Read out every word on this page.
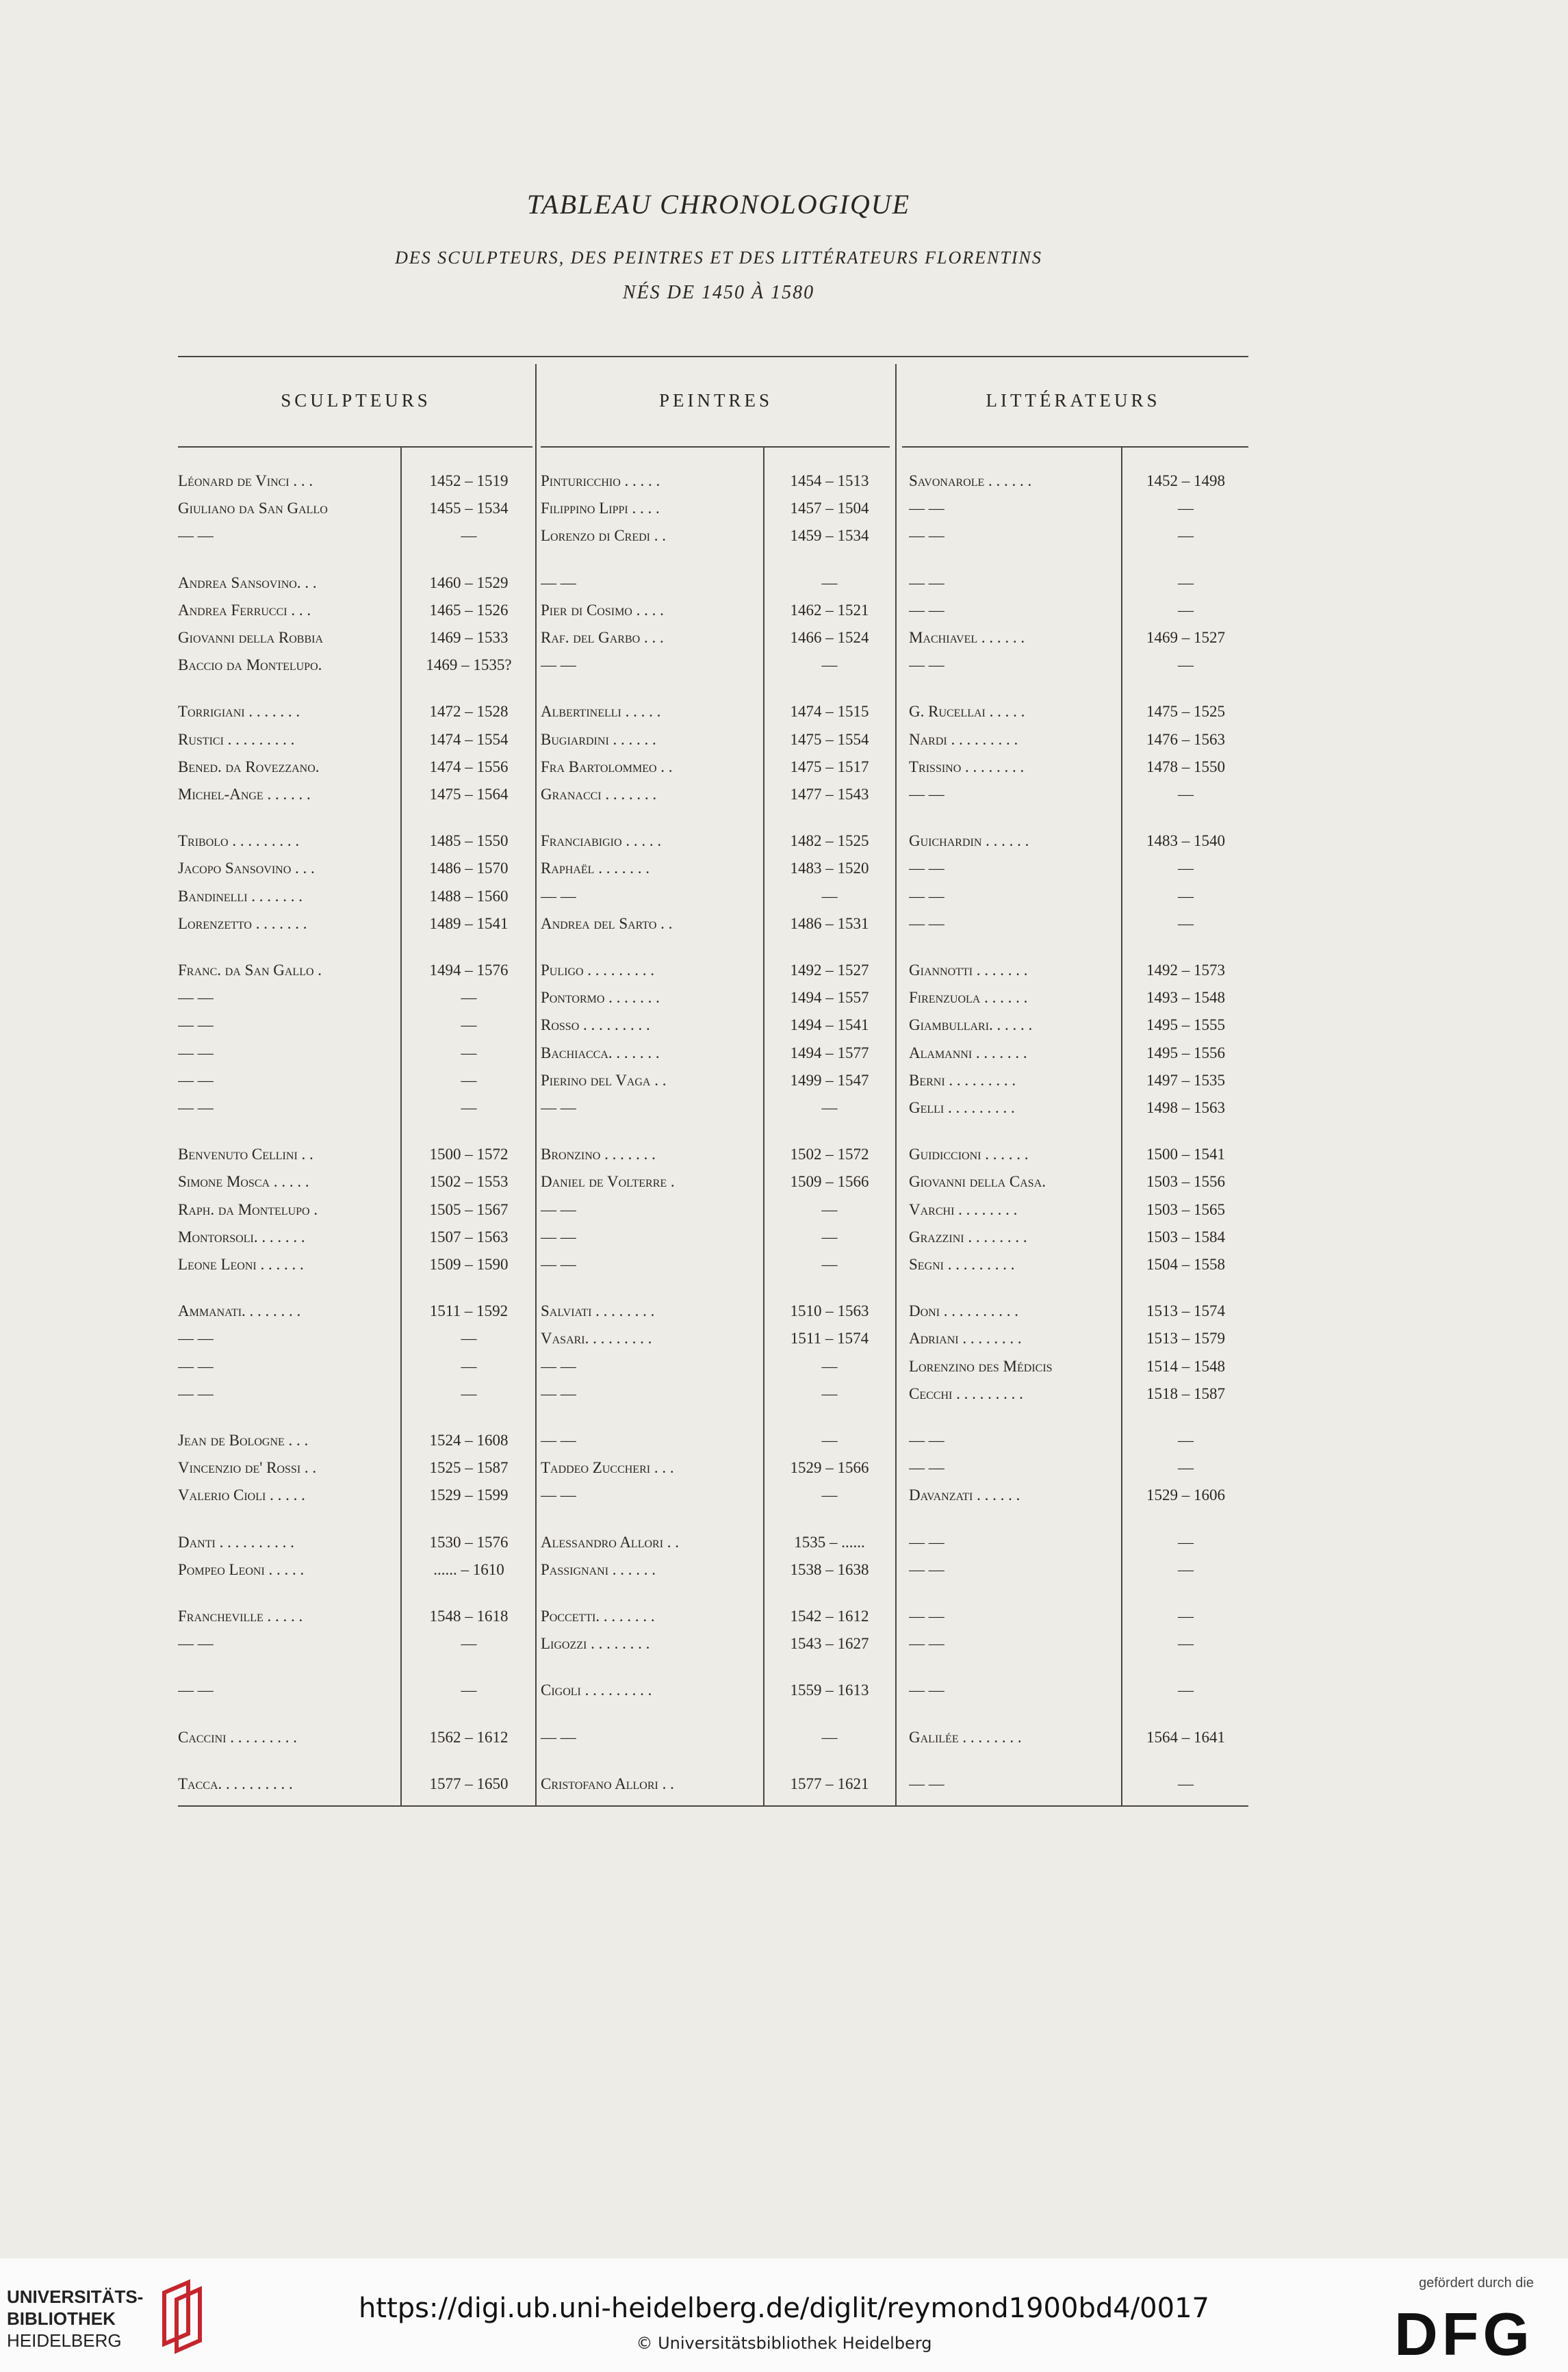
TABLEAU CHRONOLOGIQUE
DES SCULPTEURS, DES PEINTRES ET DES LITTÉRATEURS FLORENTINS
NÉS DE 1450 À 1580
SCULPTEURS	PEINTRES	LITTÉRATEURS
Léonard de Vinci . . .	1452 – 1519	Pinturicchio . . . . .	1454 – 1513	Savonarole . . . . . .	1452 – 1498
Giuliano da San Gallo	1455 – 1534	Filippino Lippi . . . .	1457 – 1504	— —	—
— —	—	Lorenzo di Credi . .	1459 – 1534	— —	—
Andrea Sansovino. . .	1460 – 1529	— —	—	— —	—
Andrea Ferrucci . . .	1465 – 1526	Pier di Cosimo . . . .	1462 – 1521	— —	—
Giovanni della Robbia	1469 – 1533	Raf. del Garbo . . .	1466 – 1524	Machiavel . . . . . .	1469 – 1527
Baccio da Montelupo.	1469 – 1535?	— —	—	— —	—
Torrigiani . . . . . . .	1472 – 1528	Albertinelli . . . . .	1474 – 1515	G. Rucellai . . . . .	1475 – 1525
Rustici . . . . . . . . .	1474 – 1554	Bugiardini . . . . . .	1475 – 1554	Nardi . . . . . . . . .	1476 – 1563
Bened. da Rovezzano.	1474 – 1556	Fra Bartolommeo . .	1475 – 1517	Trissino . . . . . . . .	1478 – 1550
Michel-Ange . . . . . .	1475 – 1564	Granacci . . . . . . .	1477 – 1543	— —	—
Tribolo . . . . . . . . .	1485 – 1550	Franciabigio . . . . .	1482 – 1525	Guichardin . . . . . .	1483 – 1540
Jacopo Sansovino . . .	1486 – 1570	Raphaël . . . . . . .	1483 – 1520	— —	—
Bandinelli . . . . . . .	1488 – 1560	— —	—	— —	—
Lorenzetto . . . . . . .	1489 – 1541	Andrea del Sarto . .	1486 – 1531	— —	—
Franc. da San Gallo .	1494 – 1576	Puligo . . . . . . . . .	1492 – 1527	Giannotti . . . . . . .	1492 – 1573
— —	—	Pontormo . . . . . . .	1494 – 1557	Firenzuola . . . . . .	1493 – 1548
— —	—	Rosso . . . . . . . . .	1494 – 1541	Giambullari. . . . . .	1495 – 1555
— —	—	Bachiacca. . . . . . .	1494 – 1577	Alamanni . . . . . . .	1495 – 1556
— —	—	Pierino del Vaga . .	1499 – 1547	Berni . . . . . . . . .	1497 – 1535
— —	—	— —	—	Gelli . . . . . . . . .	1498 – 1563
Benvenuto Cellini . .	1500 – 1572	Bronzino . . . . . . .	1502 – 1572	Guidiccioni . . . . . .	1500 – 1541
Simone Mosca . . . . .	1502 – 1553	Daniel de Volterre .	1509 – 1566	Giovanni della Casa.	1503 – 1556
Raph. da Montelupo .	1505 – 1567	— —	—	Varchi . . . . . . . .	1503 – 1565
Montorsoli. . . . . . .	1507 – 1563	— —	—	Grazzini . . . . . . . .	1503 – 1584
Leone Leoni . . . . . .	1509 – 1590	— —	—	Segni . . . . . . . . .	1504 – 1558
Ammanati. . . . . . . .	1511 – 1592	Salviati . . . . . . . .	1510 – 1563	Doni . . . . . . . . . .	1513 – 1574
— —	—	Vasari. . . . . . . . .	1511 – 1574	Adriani . . . . . . . .	1513 – 1579
— —	—	— —	—	Lorenzino des Médicis	1514 – 1548
— —	—	— —	—	Cecchi . . . . . . . . .	1518 – 1587
Jean de Bologne . . .	1524 – 1608	— —	—	— —	—
Vincenzio de' Rossi . .	1525 – 1587	Taddeo Zuccheri . . .	1529 – 1566	— —	—
Valerio Cioli . . . . .	1529 – 1599	— —	—	Davanzati . . . . . .	1529 – 1606
Danti . . . . . . . . . .	1530 – 1576	Alessandro Allori . .	1535 – ......	— —	—
Pompeo Leoni . . . . .	...... – 1610	Passignani . . . . . .	1538 – 1638	— —	—
Francheville . . . . .	1548 – 1618	Poccetti. . . . . . . .	1542 – 1612	— —	—
— —	—	Ligozzi . . . . . . . .	1543 – 1627	— —	—
— —	—	Cigoli . . . . . . . . .	1559 – 1613	— —	—
Caccini . . . . . . . . .	1562 – 1612	— —	—	Galilée . . . . . . . .	1564 – 1641
Tacca. . . . . . . . . .	1577 – 1650	Cristofano Allori . .	1577 – 1621	— —	—
UNIVERSITÄTS-
BIBLIOTHEK
HEIDELBERG
https://digi.ub.uni-heidelberg.de/diglit/reymond1900bd4/0017
© Universitätsbibliothek Heidelberg
gefördert durch die
DFG
